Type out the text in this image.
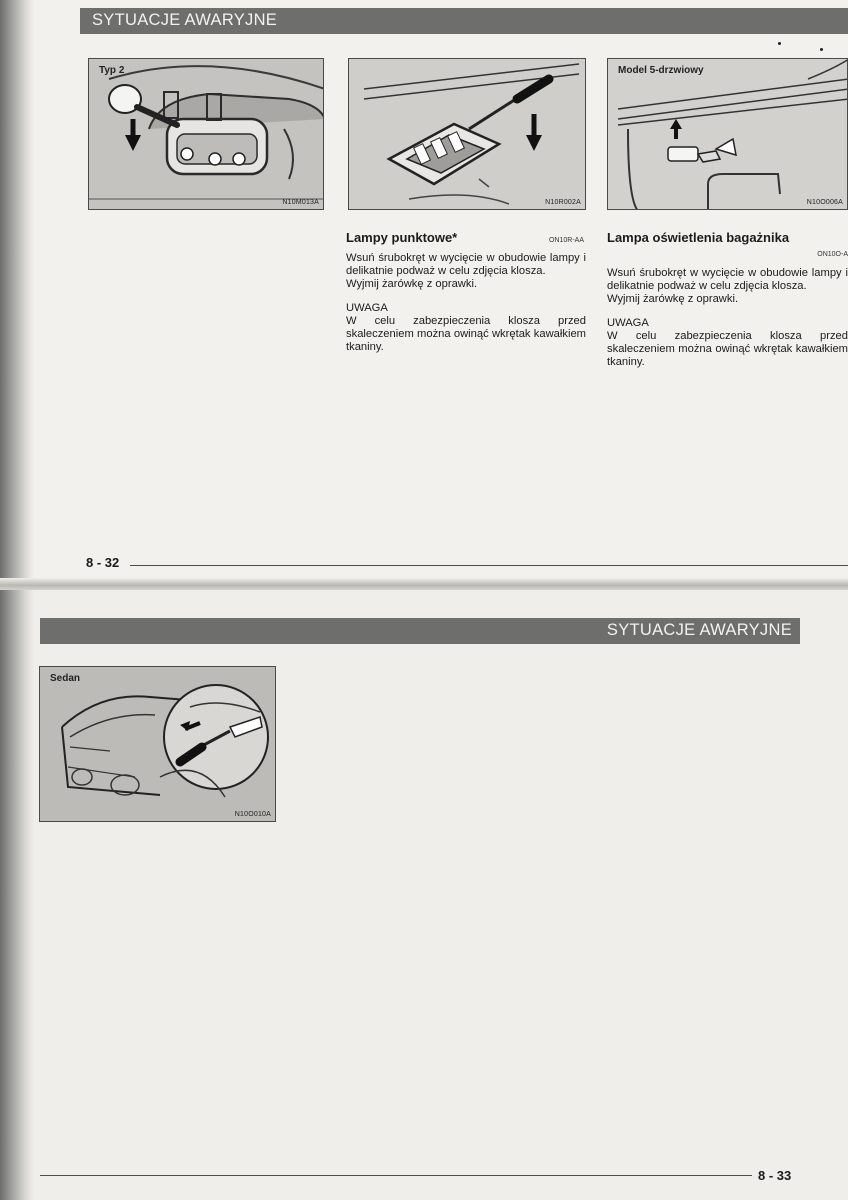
SYTUACJE AWARYJNE
Typ 2
N10M013A	N10R002A
Model 5-drzwiowy
N10O006A
Lampy punktowe*	ON10R-AA

Wsuń śrubokręt w wycięcie w obudowie lampy i delikatnie podważ w celu zdjęcia klosza.

Wyjmij żarówkę z oprawki.

UWAGA

W celu zabezpieczenia klosza przed skaleczeniem można owinąć wkrętak kawałkiem tkaniny.

Lampa oświetlenia bagażnika
ON10O-A

Wsuń śrubokręt w wycięcie w obudowie lampy i delikatnie podważ w celu zdjęcia klosza.

Wyjmij żarówkę z oprawki.

UWAGA

W celu zabezpieczenia klosza przed skaleczeniem można owinąć wkrętak kawałkiem tkaniny.

8 - 32
SYTUACJE AWARYJNE
Sedan
N10O010A
8 - 33
